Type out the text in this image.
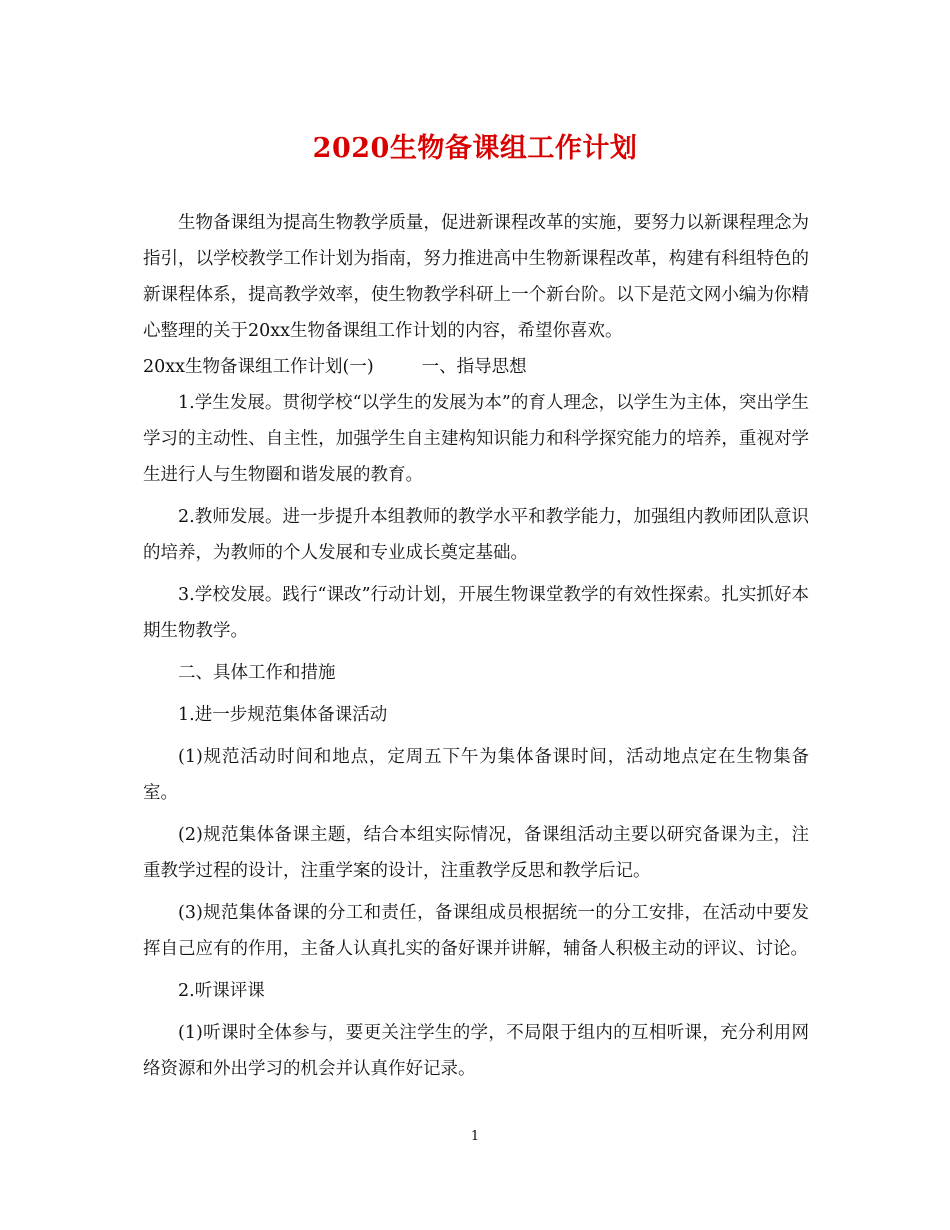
2020生物备课组工作计划

生物备课组为提高生物教学质量，促进新课程改革的实施，要努力以新课程理念为指引，以学校教学工作计划为指南，努力推进高中生物新课程改革，构建有科组特色的新课程体系，提高教学效率，使生物教学科研上一个新台阶。以下是范文网小编为你精心整理的关于20xx生物备课组工作计划的内容，希望你喜欢。

20xx生物备课组工作计划(一)	一、指导思想

1.学生发展。贯彻学校“以学生的发展为本”的育人理念，以学生为主体，突出学生学习的主动性、自主性，加强学生自主建构知识能力和科学探究能力的培养，重视对学生进行人与生物圈和谐发展的教育。

2.教师发展。进一步提升本组教师的教学水平和教学能力，加强组内教师团队意识的培养，为教师的个人发展和专业成长奠定基础。

3.学校发展。践行“课改”行动计划，开展生物课堂教学的有效性探索。扎实抓好本期生物教学。

二、具体工作和措施

1.进一步规范集体备课活动

(1)规范活动时间和地点，定周五下午为集体备课时间，活动地点定在生物集备室。

(2)规范集体备课主题，结合本组实际情况，备课组活动主要以研究备课为主，注重教学过程的设计，注重学案的设计，注重教学反思和教学后记。

(3)规范集体备课的分工和责任，备课组成员根据统一的分工安排，在活动中要发挥自己应有的作用，主备人认真扎实的备好课并讲解，辅备人积极主动的评议、讨论。

2.听课评课

(1)听课时全体参与，要更关注学生的学，不局限于组内的互相听课，充分利用网络资源和外出学习的机会并认真作好记录。

1
